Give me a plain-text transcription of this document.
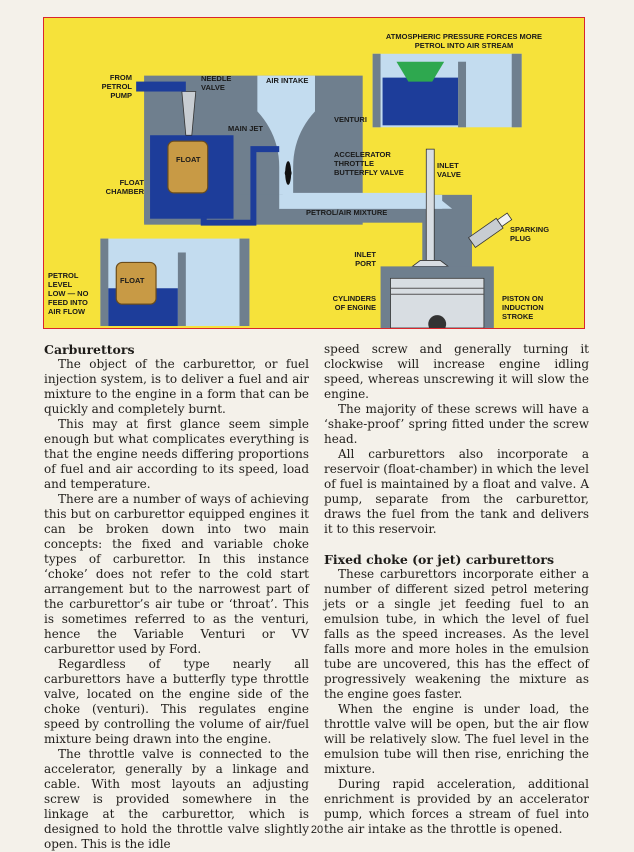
ATMOSPHERIC PRESSURE FORCES MORE
PETROL INTO AIR STREAM
FROM
PETROL
PUMP
NEEDLE
VALVE
AIR INTAKE
VENTURI
MAIN JET
FLOAT
FLOAT
CHAMBER
ACCELERATOR
THROTTLE
BUTTERFLY VALVE
INLET
VALVE
PETROL/AIR MIXTURE
SPARKING
PLUG
INLET
PORT
PETROL
LEVEL
LOW — NO
FEED INTO
AIR FLOW
FLOAT
CYLINDERS
OF ENGINE
PISTON ON
INDUCTION
STROKE
Carburettors

The object of the carburettor, or fuel injection system, is to deliver a fuel and air mixture to the engine in a form that can be quickly and completely burnt.

This may at first glance seem simple enough but what complicates everything is that the engine needs differing proportions of fuel and air according to its speed, load and temperature.

There are a number of ways of achieving this but on carburettor equipped engines it can be broken down into two main concepts: the fixed and variable choke types of carburettor. In this instance ‘choke’ does not refer to the cold start arrangement but to the narrowest part of the carburettor’s air tube or ‘throat’. This is sometimes referred to as the venturi, hence the Variable Venturi or VV carburettor used by Ford.

Regardless of type nearly all carburettors have a butterfly type throttle valve, located on the engine side of the choke (venturi). This regulates engine speed by controlling the volume of air/fuel mixture being drawn into the engine.

The throttle valve is connected to the accelerator, generally by a linkage and cable. With most layouts an adjusting screw is provided somewhere in the linkage at the carburettor, which is designed to hold the throttle valve slightly open. This is the idle

speed screw and generally turning it clockwise will increase engine idling speed, whereas unscrewing it will slow the engine.

The majority of these screws will have a ‘shake-proof’ spring fitted under the screw head.

All carburettors also incorporate a reservoir (float-chamber) in which the level of fuel is maintained by a float and valve. A pump, separate from the carburettor, draws the fuel from the tank and delivers it to this reservoir.

Fixed choke (or jet) carburettors

These carburettors incorporate either a number of different sized petrol metering jets or a single jet feeding fuel to an emulsion tube, in which the level of fuel falls as the speed increases. As the level falls more and more holes in the emulsion tube are uncovered, this has the effect of progressively weakening the mixture as the engine goes faster.

When the engine is under load, the throttle valve will be open, but the air flow will be relatively slow. The fuel level in the emulsion tube will then rise, enriching the mixture.

During rapid acceleration, additional enrichment is provided by an accelerator pump, which forces a stream of fuel into the air intake as the throttle is opened.

20
